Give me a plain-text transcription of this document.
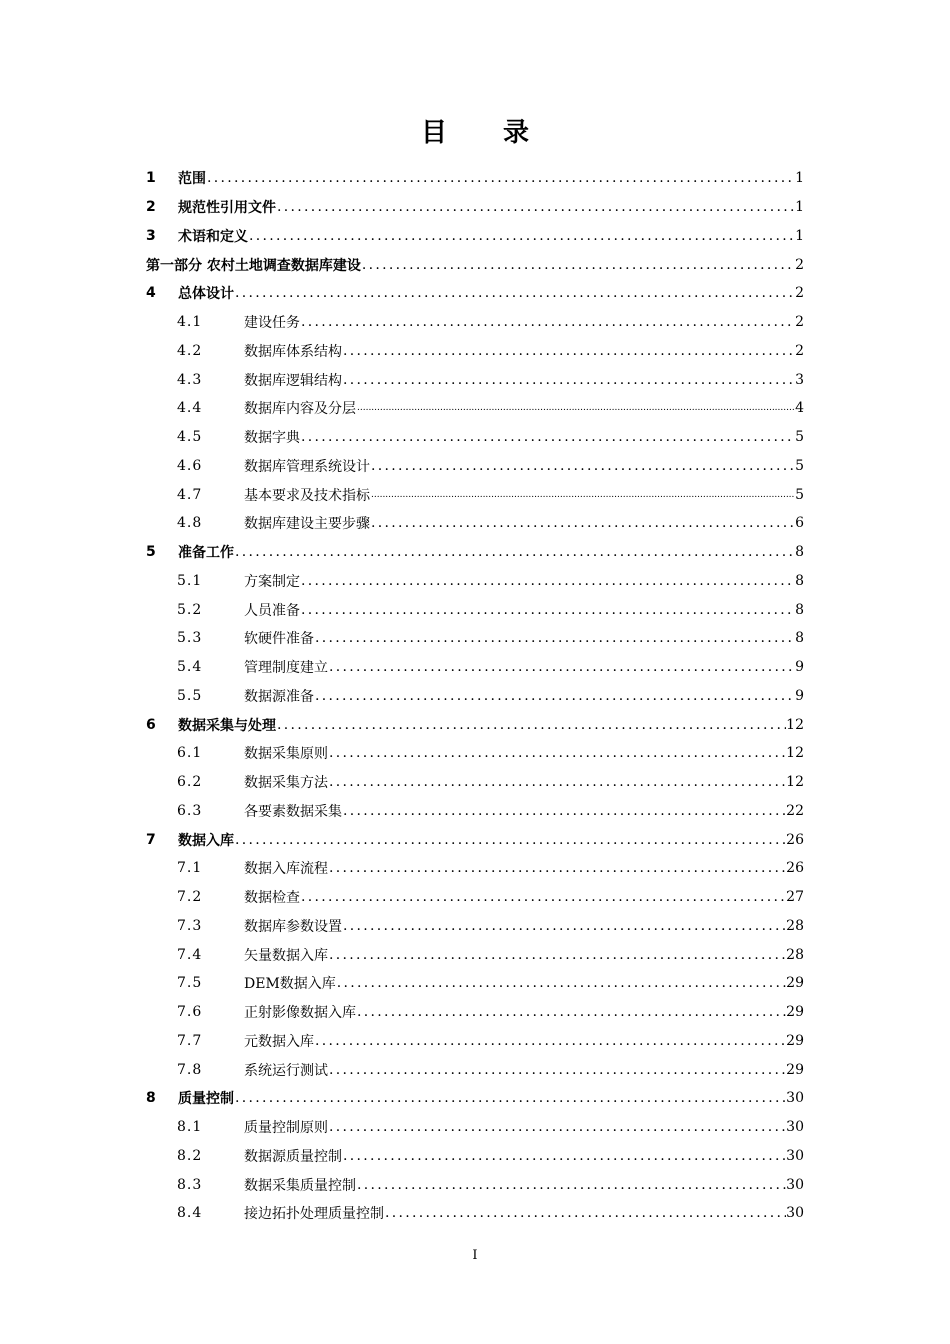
目 录
1	范围 .....	1
2	规范性引用文件 .....	1
3	术语和定义 .....	1
第一部分 农村土地调查数据库建设 .....	2
4	总体设计 .....	2
4.1	建设任务 .....	2
4.2	数据库体系结构 .....	2
4.3	数据库逻辑结构 .....	3
4.4	数据库内容及分层 .....	4
4.5	数据字典 .....	5
4.6	数据库管理系统设计 .....	5
4.7	基本要求及技术指标 .....	5
4.8	数据库建设主要步骤 .....	6
5	准备工作 .....	8
5.1	方案制定 .....	8
5.2	人员准备 .....	8
5.3	软硬件准备 .....	8
5.4	管理制度建立 .....	9
5.5	数据源准备 .....	9
6	数据采集与处理 .....	12
6.1	数据采集原则 .....	12
6.2	数据采集方法 .....	12
6.3	各要素数据采集 .....	22
7	数据入库 .....	26
7.1	数据入库流程 .....	26
7.2	数据检查 .....	27
7.3	数据库参数设置 .....	28
7.4	矢量数据入库 .....	28
7.5	DEM数据入库 .....	29
7.6	正射影像数据入库 .....	29
7.7	元数据入库 .....	29
7.8	系统运行测试 .....	29
8	质量控制 .....	30
8.1	质量控制原则 .....	30
8.2	数据源质量控制 .....	30
8.3	数据采集质量控制 .....	30
8.4	接边拓扑处理质量控制 .....	30
I
